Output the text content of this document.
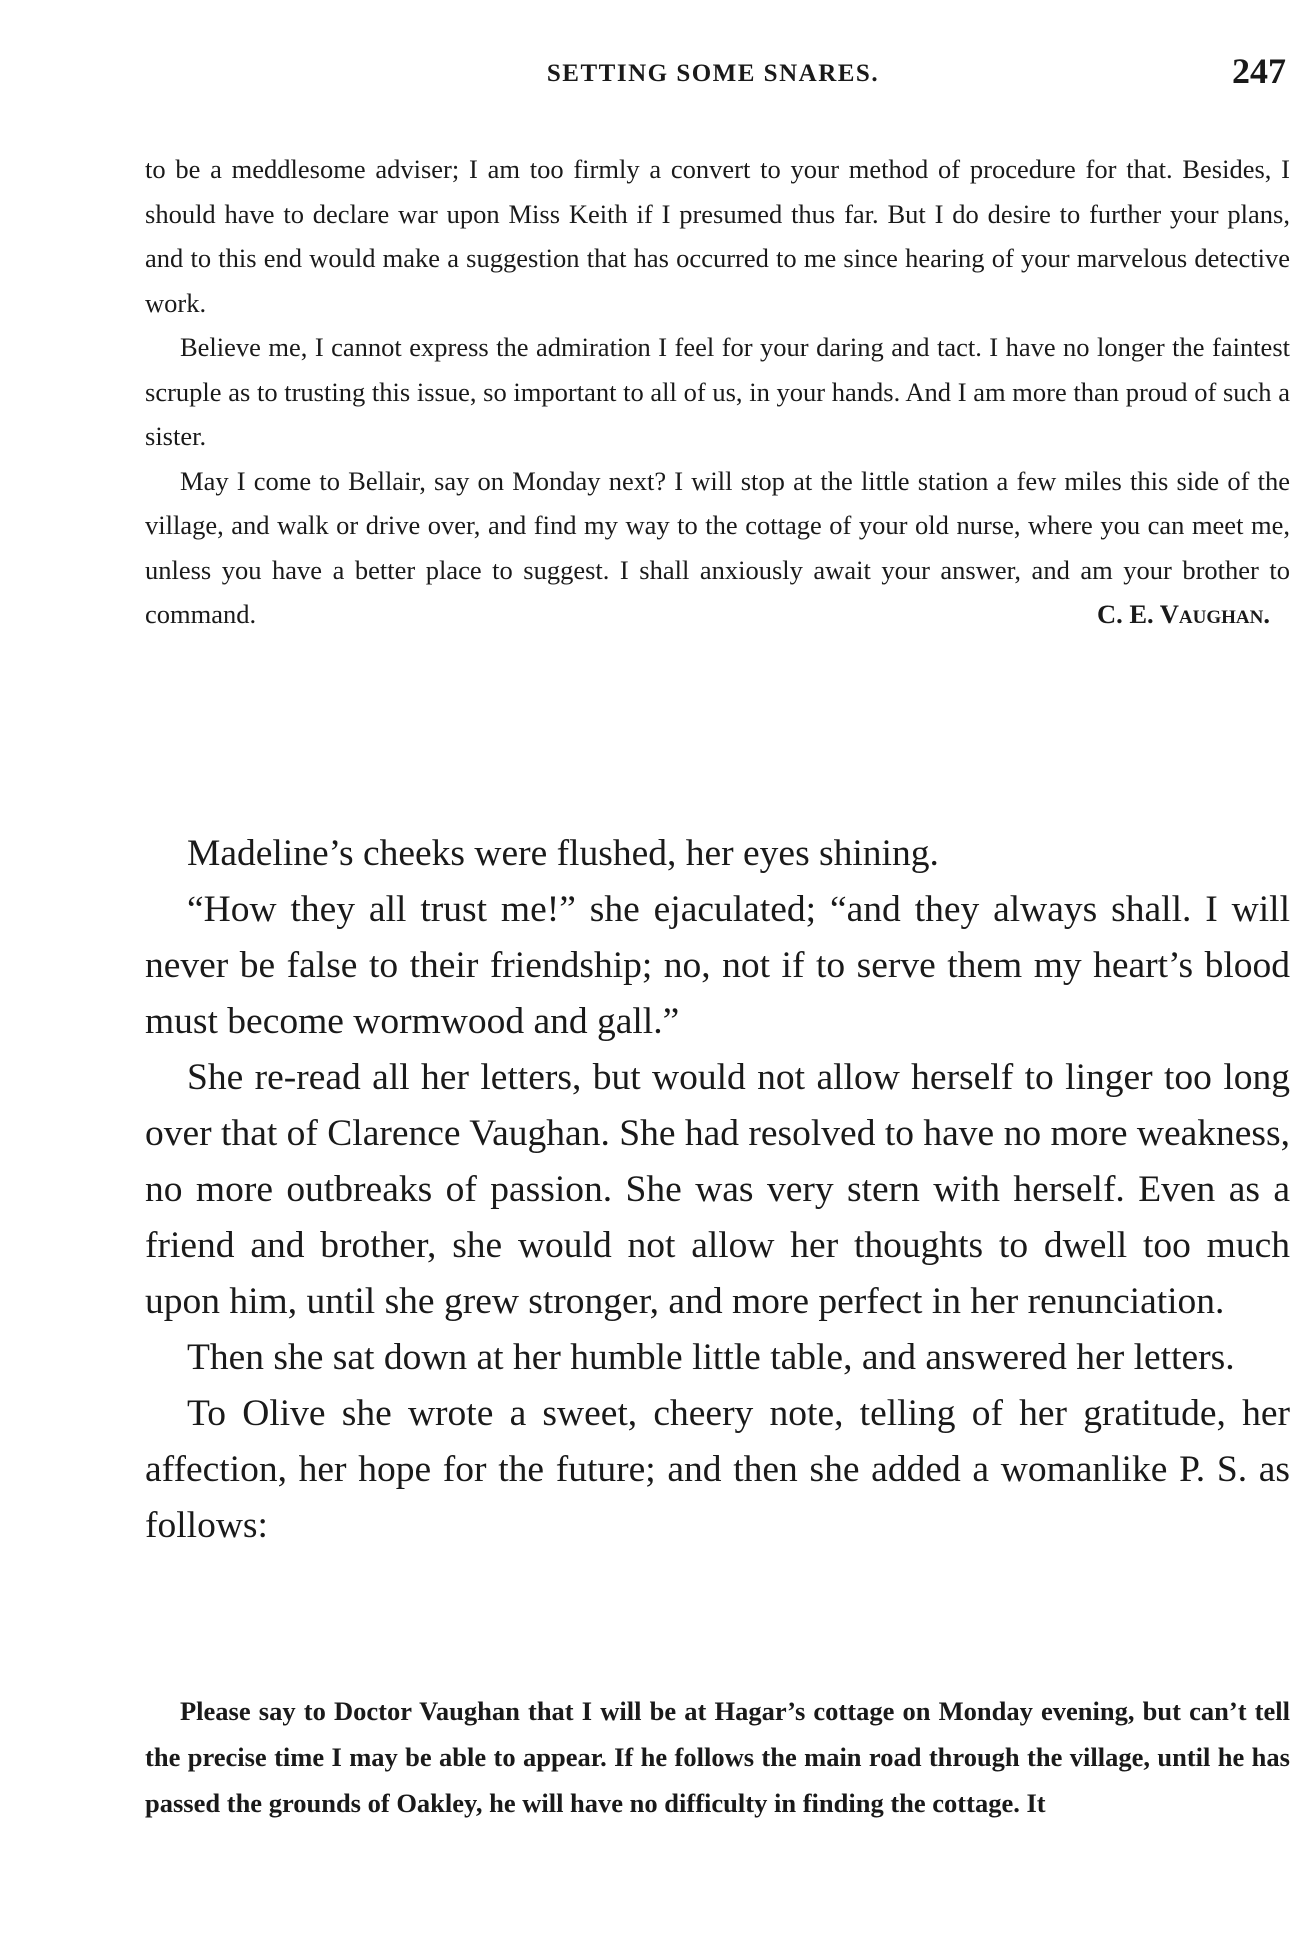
SETTING SOME SNARES.	247

to be a meddlesome adviser; I am too firmly a convert to your method of procedure for that. Besides, I should have to declare war upon Miss Keith if I presumed thus far. But I do desire to further your plans, and to this end would make a suggestion that has occurred to me since hearing of your marvelous detective work.

Believe me, I cannot express the admiration I feel for your daring and tact. I have no longer the faintest scruple as to trusting this issue, so important to all of us, in your hands. And I am more than proud of such a sister.

May I come to Bellair, say on Monday next? I will stop at the little station a few miles this side of the village, and walk or drive over, and find my way to the cottage of your old nurse, where you can meet me, unless you have a better place to suggest. I shall anxiously await your answer, and am your brother to command.	C. E. Vaughan.

Madeline’s cheeks were flushed, her eyes shining.

“How they all trust me!” she ejaculated; “and they always shall. I will never be false to their friendship; no, not if to serve them my heart’s blood must become wormwood and gall.”

She re-read all her letters, but would not allow herself to linger too long over that of Clarence Vaughan. She had resolved to have no more weakness, no more outbreaks of passion. She was very stern with herself. Even as a friend and brother, she would not allow her thoughts to dwell too much upon him, until she grew stronger, and more perfect in her renunciation.

Then she sat down at her humble little table, and answered her letters.

To Olive she wrote a sweet, cheery note, telling of her gratitude, her affection, her hope for the future; and then she added a womanlike P. S. as follows:

Please say to Doctor Vaughan that I will be at Hagar’s cottage on Monday evening, but can’t tell the precise time I may be able to appear. If he follows the main road through the village, until he has passed the grounds of Oakley, he will have no difficulty in finding the cottage. It
